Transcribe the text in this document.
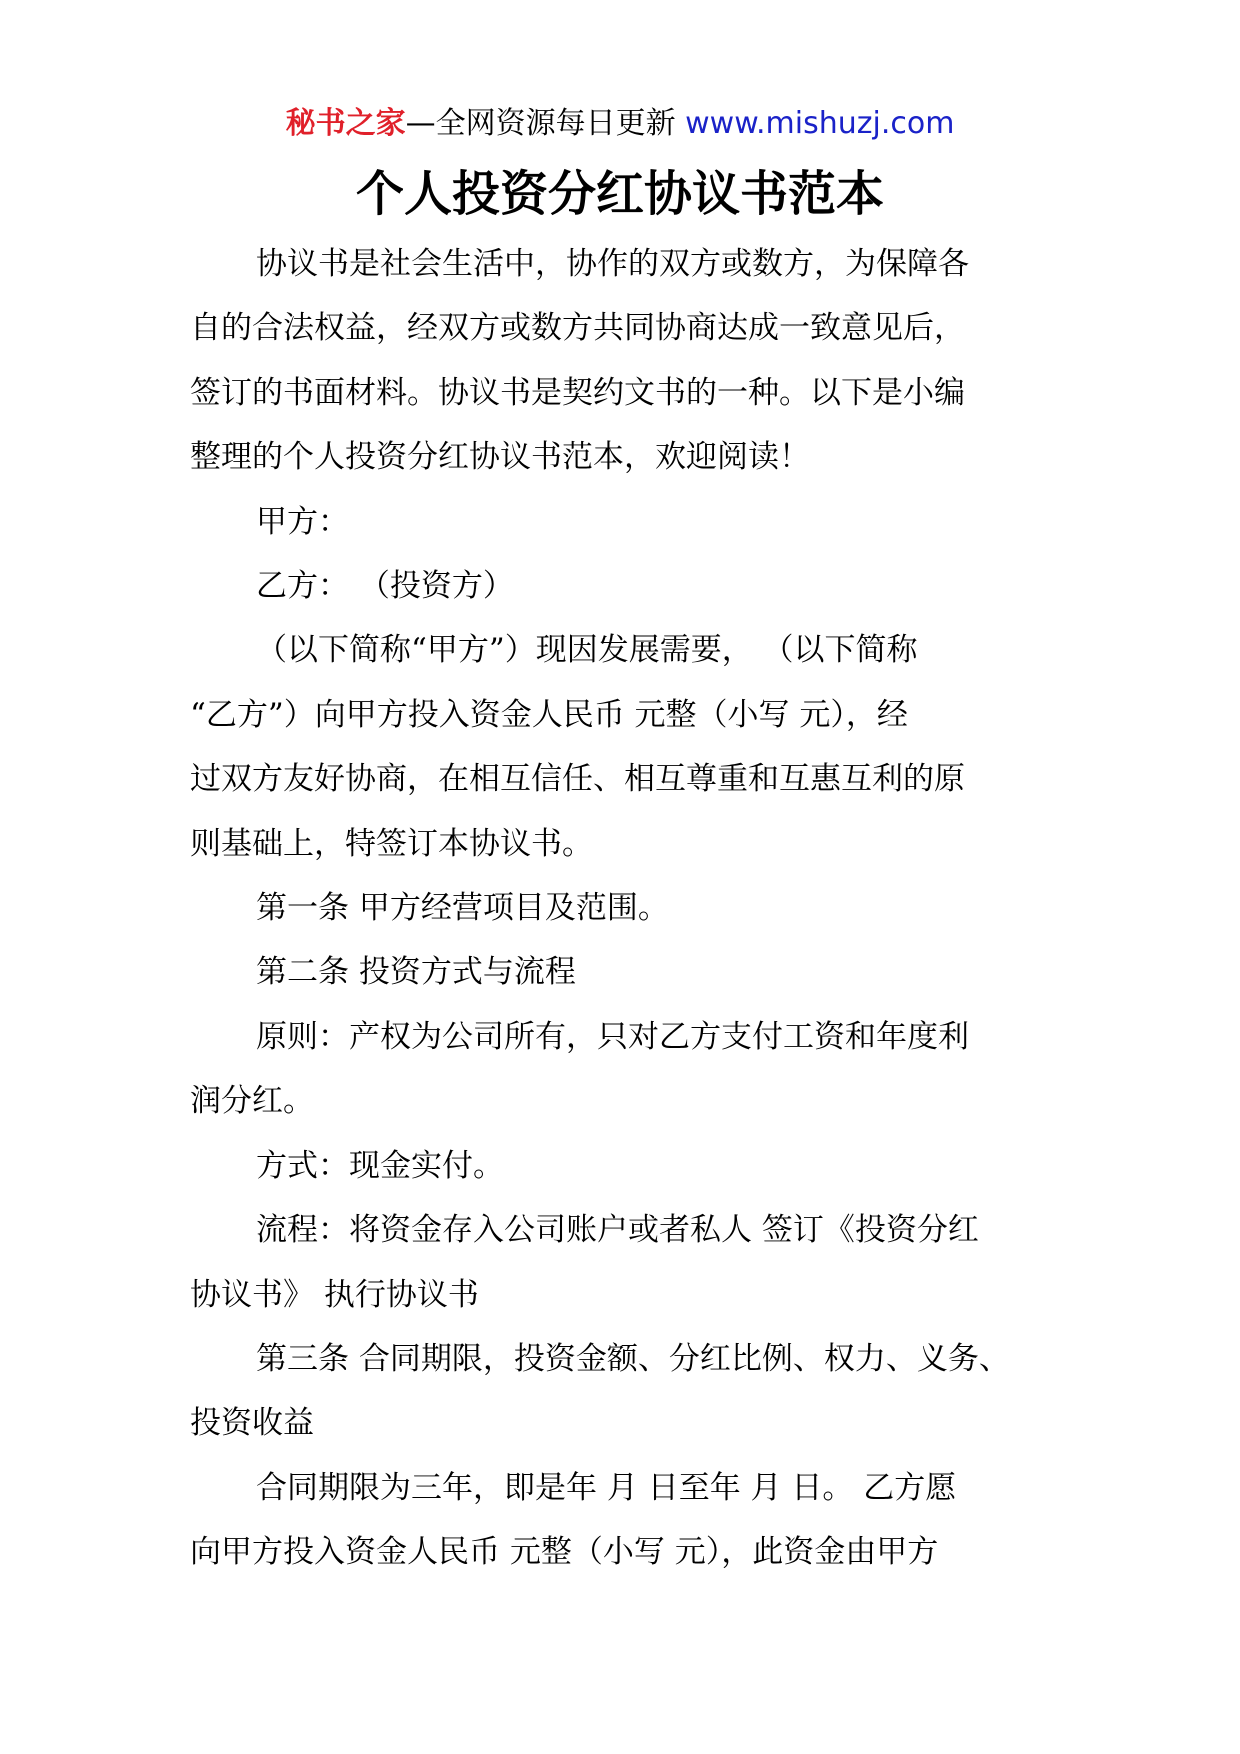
秘书之家—全网资源每日更新 www.mishuzj.com
个人投资分红协议书范本

协议书是社会生活中，协作的双方或数方，为保障各

自的合法权益，经双方或数方共同协商达成一致意见后，

签订的书面材料。协议书是契约文书的一种。以下是小编

整理的个人投资分红协议书范本，欢迎阅读！

甲方：

乙方： （投资方）

（以下简称“甲方”）现因发展需要， （以下简称

“乙方”）向甲方投入资金人民币 元整（小写 元），经

过双方友好协商，在相互信任、相互尊重和互惠互利的原

则基础上，特签订本协议书。

第一条 甲方经营项目及范围。

第二条 投资方式与流程

原则：产权为公司所有，只对乙方支付工资和年度利

润分红。

方式：现金实付。

流程：将资金存入公司账户或者私人 签订《投资分红

协议书》 执行协议书

第三条 合同期限，投资金额、分红比例、权力、义务、

投资收益

合同期限为三年，即是年 月 日至年 月 日。 乙方愿

向甲方投入资金人民币 元整（小写 元），此资金由甲方
